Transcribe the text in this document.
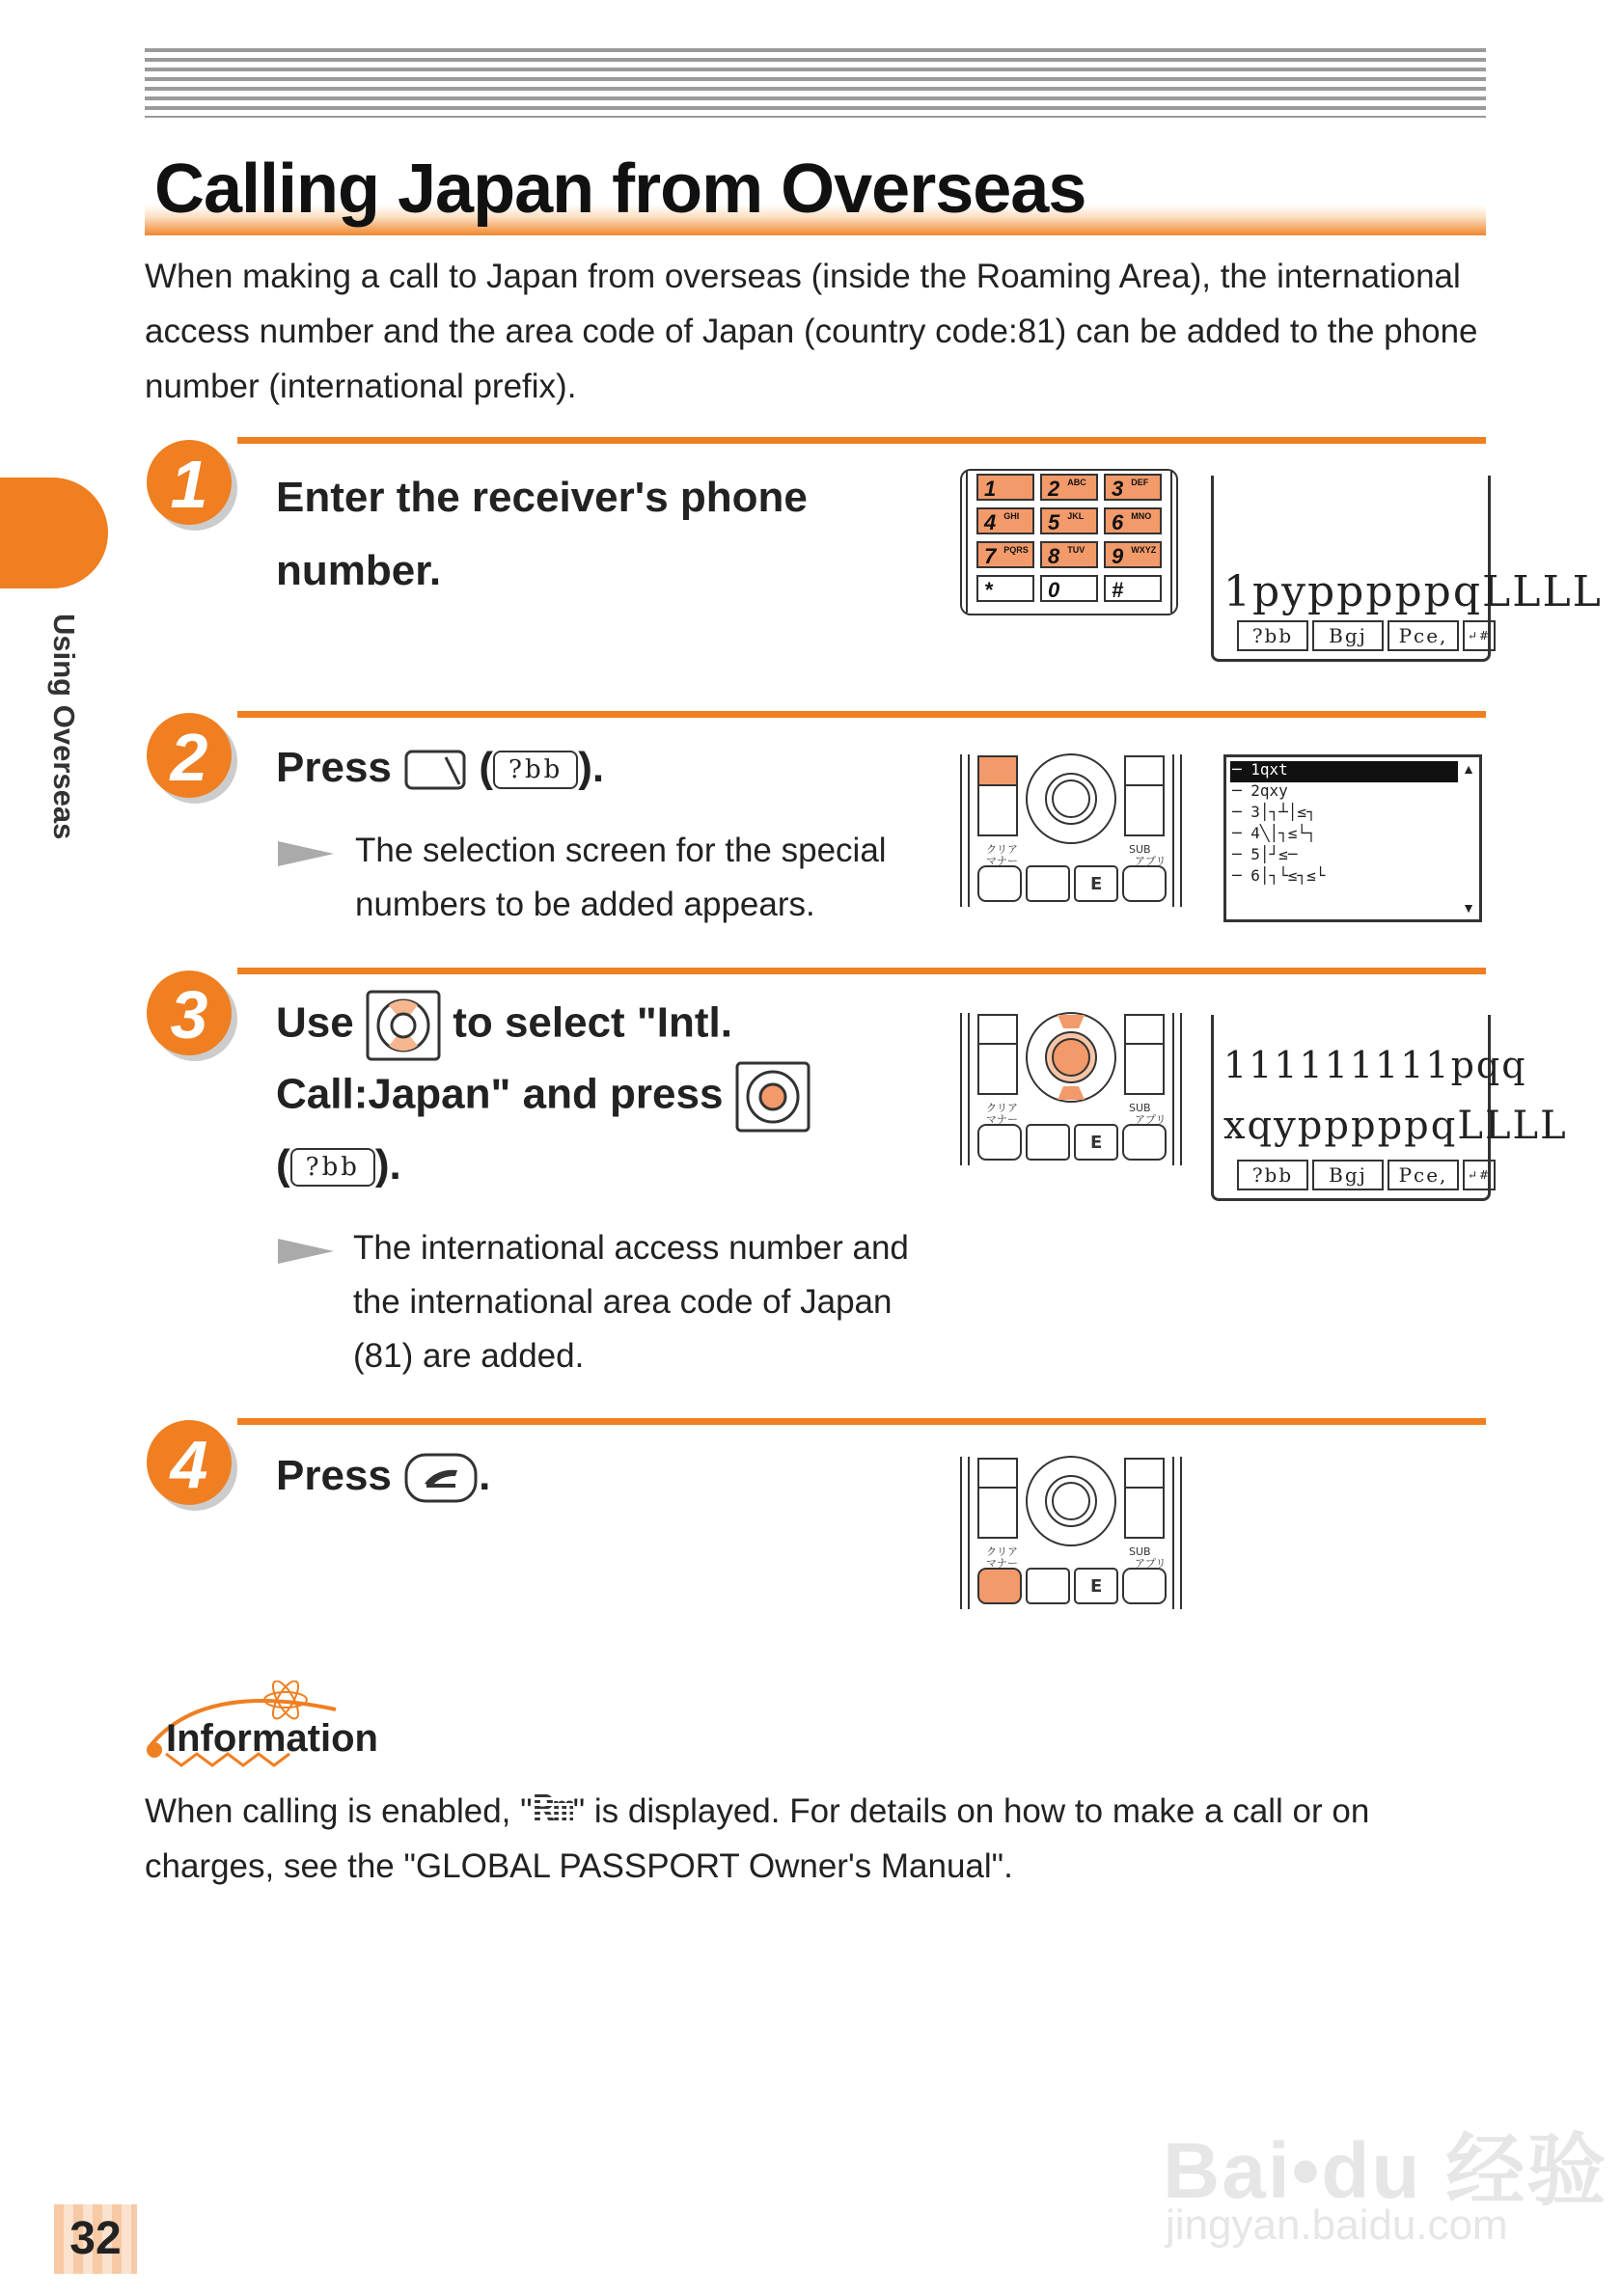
Calling Japan from Overseas
When making a call to Japan from overseas (inside the Roaming Area), the international access number and the area code of Japan (country code:81) can be added to the phone number (international prefix).
Using Overseas
1 Enter the receiver's phone
number.
1	2 $^{ABC}$	3 $^{DEF}$
4 $^{GHI}$	5 $^{JKL}$	6 $^{MNO}$
7 $^{PQRS}$ 8 $^{TUV}$	9 $^{WXYZ}$
*	0	#	1pypppppqLLLL
?bb	Bgj	Pce,	↵#
2 Press ( ?bb ).
The selection screen for the special
numbers to be added appears.
3 Use to select "Intl.
Call:Japan" and press
( ?bb ).
The international access number and
the international area code of Japan
(81) are added.
4 Press .
クリア	SUB
マナー	アプリ
E
クリア	SUB
マナー	アプリ
E
クリア	SUB
マナー	アプリ
E
─ 1qxt
─ 2qxy
─ 3│┐┴│≤┐
─ 4╲│┐≤└┐
─ 5│┘≤─
─ 6│┐└≤┐≤└
▲
▼
111111111pqq
xqypppppqLLLL
?bb	Bgj	Pce,	↵#
Information
When calling is enabled, "Rm" is displayed. For details on how to make a call or on charges, see the "GLOBAL PASSPORT Owner's Manual".
32
Bai•du 经验
jingyan.baidu.com
